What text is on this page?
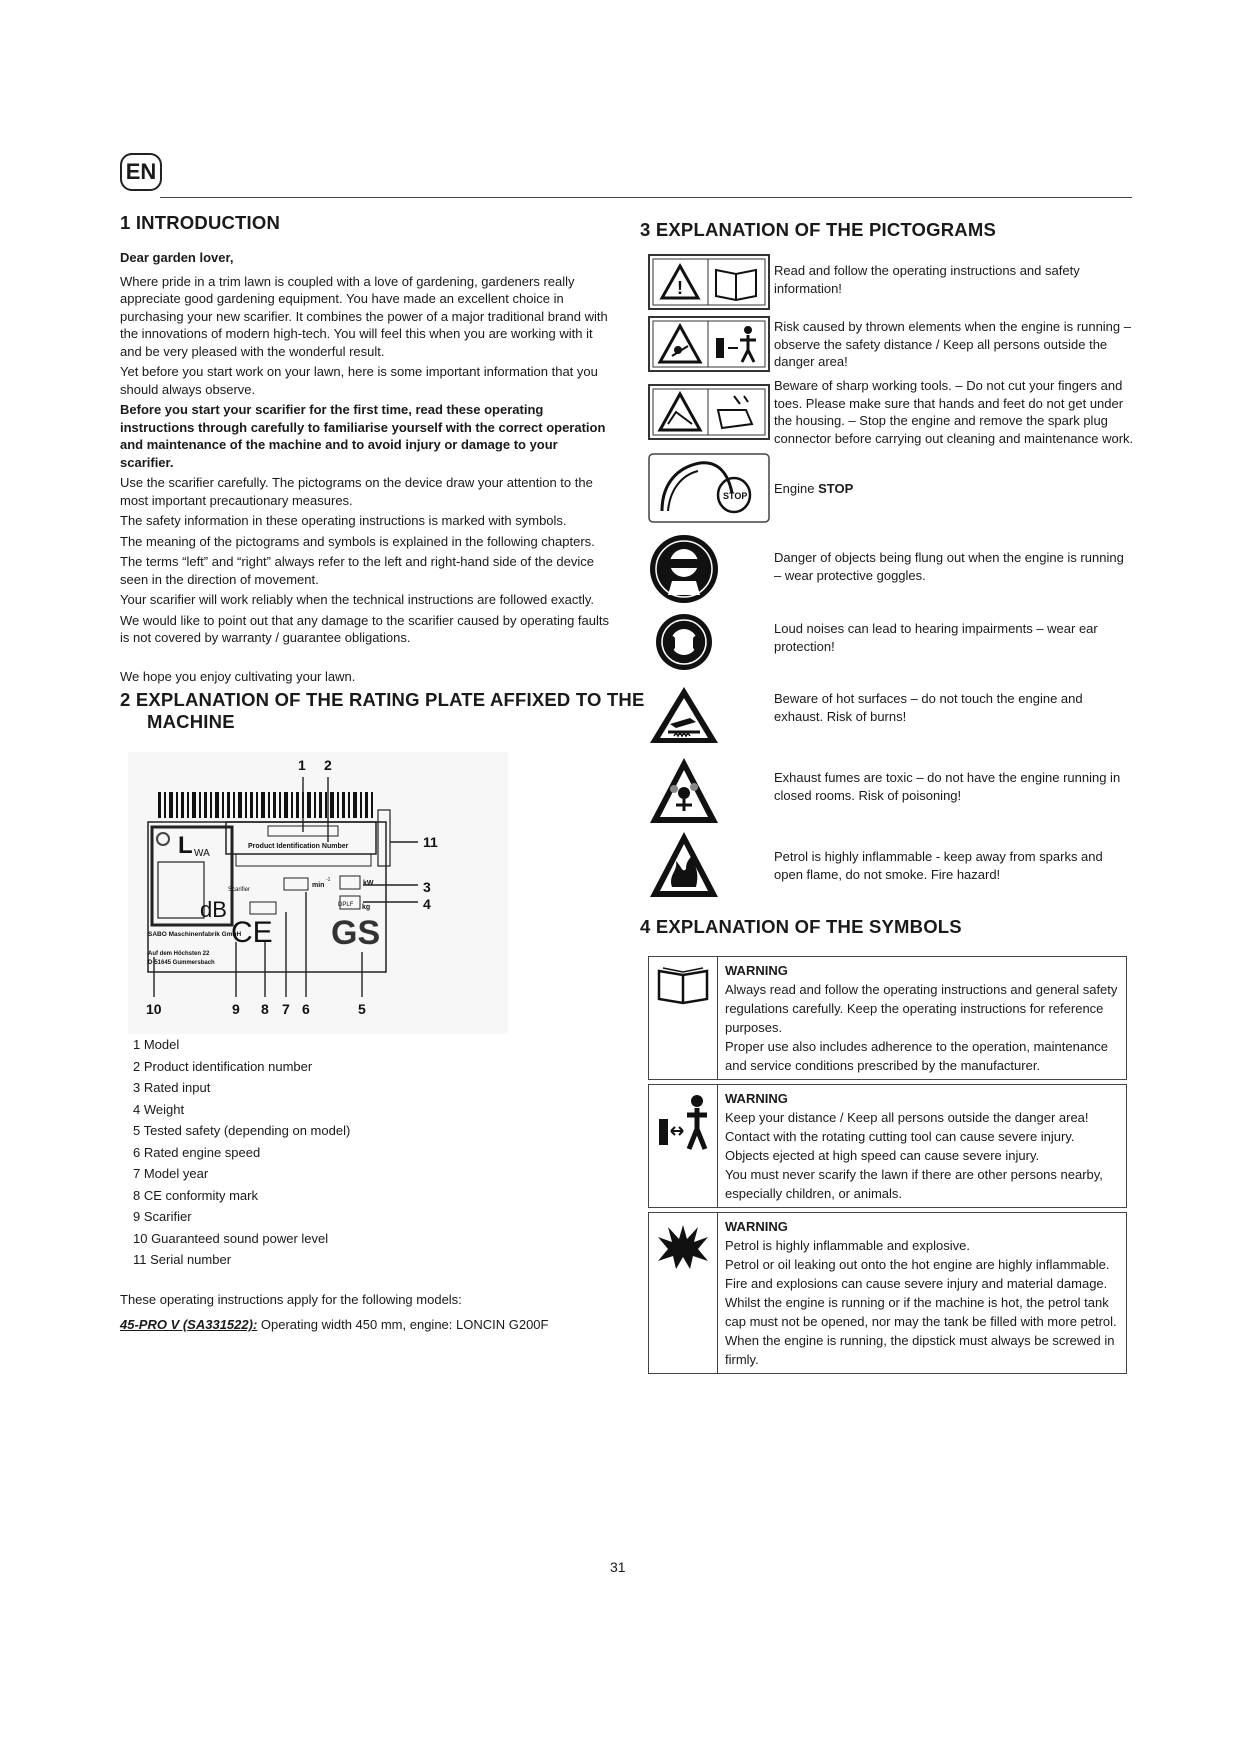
EN
1 INTRODUCTION

Dear garden lover,

Where pride in a trim lawn is coupled with a love of gardening, gardeners really appreciate good gardening equipment. You have made an excellent choice in purchasing your new scarifier. It combines the power of a major traditional brand with the innovations of modern high-tech. You will feel this when you are working with it and be very pleased with the wonderful result.

Yet before you start work on your lawn, here is some important information that you should always observe.

Before you start your scarifier for the first time, read these operating instructions through carefully to familiarise yourself with the correct operation and maintenance of the machine and to avoid injury or damage to your scarifier.

Use the scarifier carefully. The pictograms on the device draw your attention to the most important precautionary measures.

The safety information in these operating instructions is marked with symbols.

The meaning of the pictograms and symbols is explained in the following chapters.

The terms “left” and “right” always refer to the left and right-hand side of the device seen in the direction of movement.

Your scarifier will work reliably when the technical instructions are followed exactly.

We would like to point out that any damage to the scarifier caused by operating faults is not covered by warranty / guarantee obligations.

We hope you enjoy cultivating your lawn.

2 EXPLANATION OF THE RATING PLATE AFFIXED TO THE
MACHINE
L WA
dB
Product Identification Number
Scarifier
min
-1	kW
kg
CE
DPLF
GS
SABO Maschinenfabrik GmbH
Auf dem Höchsten 22
D-51645 Gummersbach
1 2
3
4
5
6
7
8
9
10
11
1 Model
2 Product identification number
3 Rated input
4 Weight
5 Tested safety (depending on model)
6 Rated engine speed
7 Model year
8 CE conformity mark
9 Scarifier
10 Guaranteed sound power level
11 Serial number
These operating instructions apply for the following models:
45-PRO V (SA331522): Operating width 450 mm, engine: LONCIN G200F
3 EXPLANATION OF THE PICTOGRAMS
!
Read and follow the operating instructions and safety information!
Risk caused by thrown elements when the engine is running – observe the safety distance / Keep all persons outside the danger area!
Beware of sharp working tools. – Do not cut your fingers and toes. Please make sure that hands and feet do not get under the housing. – Stop the engine and remove the spark plug connector before carrying out cleaning and maintenance work.
STOP Engine STOP
Danger of objects being flung out when the engine is running – wear protective goggles.
Loud noises can lead to hearing impairments – wear ear protection!
Beware of hot surfaces – do not touch the engine and exhaust. Risk of burns!
Exhaust fumes are toxic – do not have the engine running in closed rooms. Risk of poisoning!
Petrol is highly inflammable - keep away from sparks and open flame, do not smoke. Fire hazard!
4 EXPLANATION OF THE SYMBOLS
WARNING
Always read and follow the operating instructions and general safety regulations carefully. Keep the operating instructions for reference purposes.
Proper use also includes adherence to the operation, maintenance and service conditions prescribed by the manufacturer.
WARNING
Keep your distance / Keep all persons outside the danger area!
Contact with the rotating cutting tool can cause severe injury.
Objects ejected at high speed can cause severe injury.
You must never scarify the lawn if there are other persons nearby, especially children, or animals.
WARNING
Petrol is highly inflammable and explosive.
Petrol or oil leaking out onto the hot engine are highly inflammable.
Fire and explosions can cause severe injury and material damage.
Whilst the engine is running or if the machine is hot, the petrol tank cap must not be opened, nor may the tank be filled with more petrol.
When the engine is running, the dipstick must always be screwed in firmly.
31
